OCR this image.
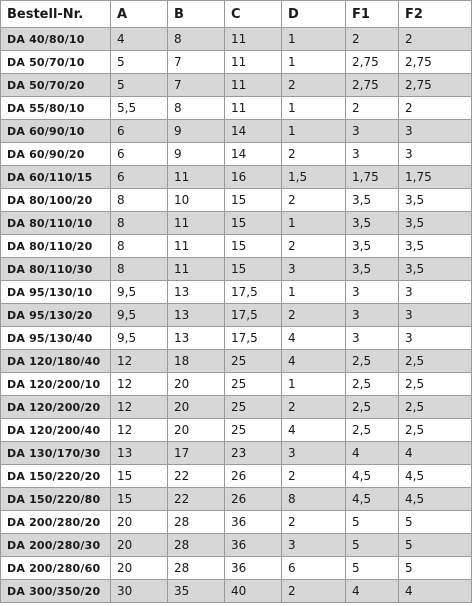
Bestell-Nr.	A	B	C	D	F1	F2
DA 40/80/10	4	8	11	1	2	2
DA 50/70/10	5	7	11	1	2,75	2,75
DA 50/70/20	5	7	11	2	2,75	2,75
DA 55/80/10	5,5	8	11	1	2	2
DA 60/90/10	6	9	14	1	3	3
DA 60/90/20	6	9	14	2	3	3
DA 60/110/15	6	11	16	1,5	1,75	1,75
DA 80/100/20	8	10	15	2	3,5	3,5
DA 80/110/10	8	11	15	1	3,5	3,5
DA 80/110/20	8	11	15	2	3,5	3,5
DA 80/110/30	8	11	15	3	3,5	3,5
DA 95/130/10	9,5	13	17,5	1	3	3
DA 95/130/20	9,5	13	17,5	2	3	3
DA 95/130/40	9,5	13	17,5	4	3	3
DA 120/180/40	12	18	25	4	2,5	2,5
DA 120/200/10	12	20	25	1	2,5	2,5
DA 120/200/20	12	20	25	2	2,5	2,5
DA 120/200/40	12	20	25	4	2,5	2,5
DA 130/170/30	13	17	23	3	4	4
DA 150/220/20	15	22	26	2	4,5	4,5
DA 150/220/80	15	22	26	8	4,5	4,5
DA 200/280/20	20	28	36	2	5	5
DA 200/280/30	20	28	36	3	5	5
DA 200/280/60	20	28	36	6	5	5
DA 300/350/20	30	35	40	2	4	4
